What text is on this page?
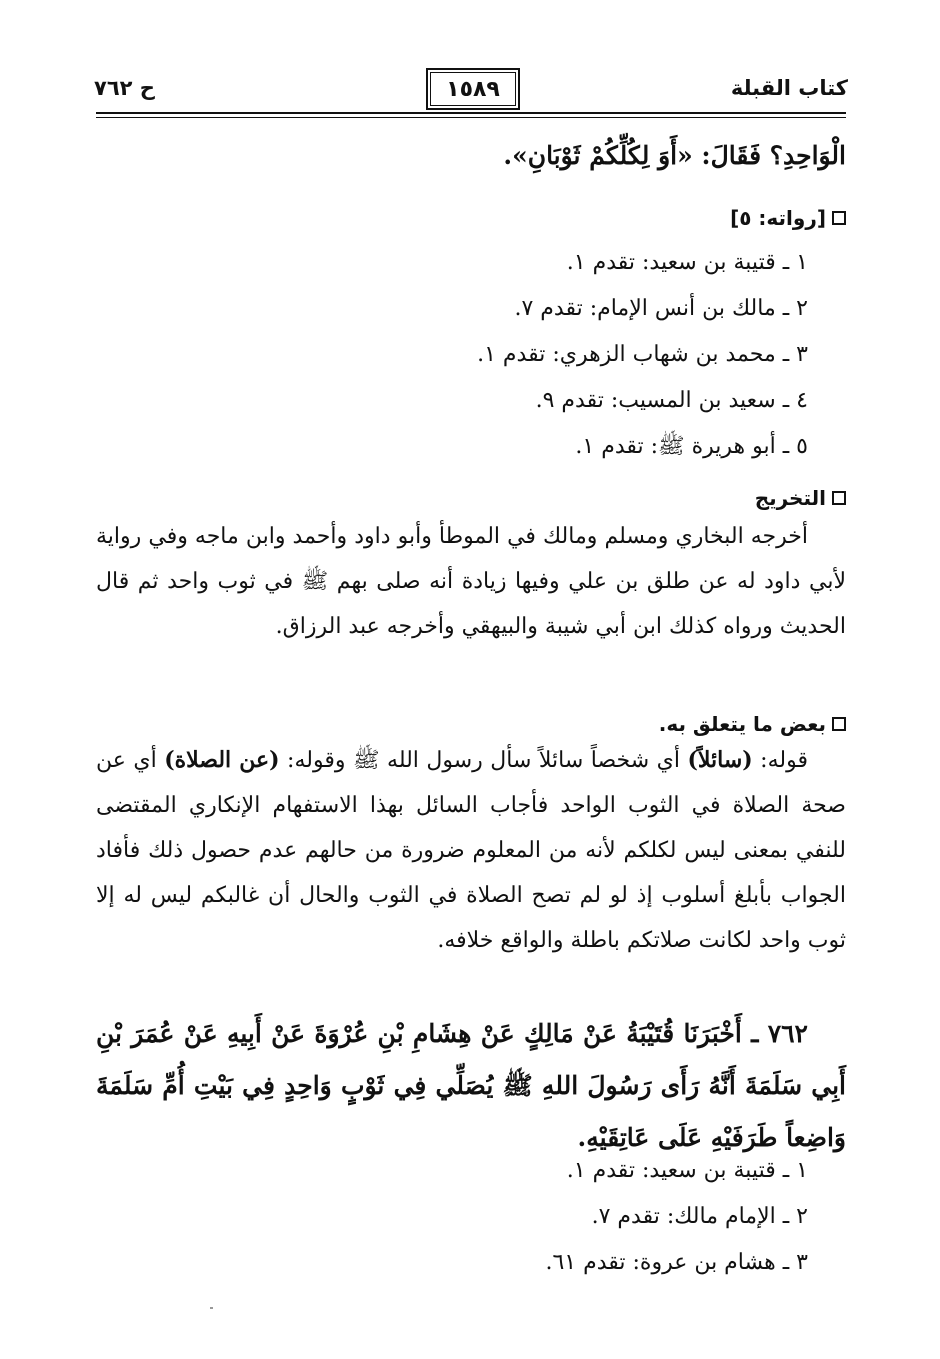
كتاب القبلة
١٥٨٩
ح ٧٦٢
الْوَاحِدِ؟ فَقَالَ: «أَوَ لِكُلِّكُمْ ثَوْبَانِ».
[رواته: ٥]
١ ـ قتيبة بن سعيد: تقدم ١.
٢ ـ مالك بن أنس الإمام: تقدم ٧.
٣ ـ محمد بن شهاب الزهري: تقدم ١.
٤ ـ سعيد بن المسيب: تقدم ٩.
٥ ـ أبو هريرة ﷺ: تقدم ١.
التخريج
أخرجه البخاري ومسلم ومالك في الموطأ وأبو داود وأحمد وابن ماجه وفي رواية لأبي داود له عن طلق بن علي وفيها زيادة أنه صلى بهم ﷺ في ثوب واحد ثم قال الحديث ورواه كذلك ابن أبي شيبة والبيهقي وأخرجه عبد الرزاق.
بعض ما يتعلق به.
قوله: (سائلاً) أي شخصاً سائلاً سأل رسول الله ﷺ وقوله: (عن الصلاة) أي عن صحة الصلاة في الثوب الواحد فأجاب السائل بهذا الاستفهام الإنكاري المقتضى للنفي بمعنى ليس لكلكم لأنه من المعلوم ضرورة من حالهم عدم حصول ذلك فأفاد الجواب بأبلغ أسلوب إذ لو لم تصح الصلاة في الثوب والحال أن غالبكم ليس له إلا ثوب واحد لكانت صلاتكم باطلة والواقع خلافه.
٧٦٢ ـ أَخْبَرَنَا قُتَيْبَةُ عَنْ مَالِكٍ عَنْ هِشَامِ بْنِ عُرْوَةَ عَنْ أَبِيهِ عَنْ عُمَرَ بْنِ أَبِي سَلَمَةَ أَنَّهُ رَأَى رَسُولَ اللهِ ﷺ يُصَلِّي فِي ثَوْبٍ وَاحِدٍ فِي بَيْتِ أُمِّ سَلَمَةَ وَاضِعاً طَرَفَيْهِ عَلَى عَاتِقَيْهِ.
١ ـ قتيبة بن سعيد: تقدم ١.
٢ ـ الإمام مالك: تقدم ٧.
٣ ـ هشام بن عروة: تقدم ٦١.
